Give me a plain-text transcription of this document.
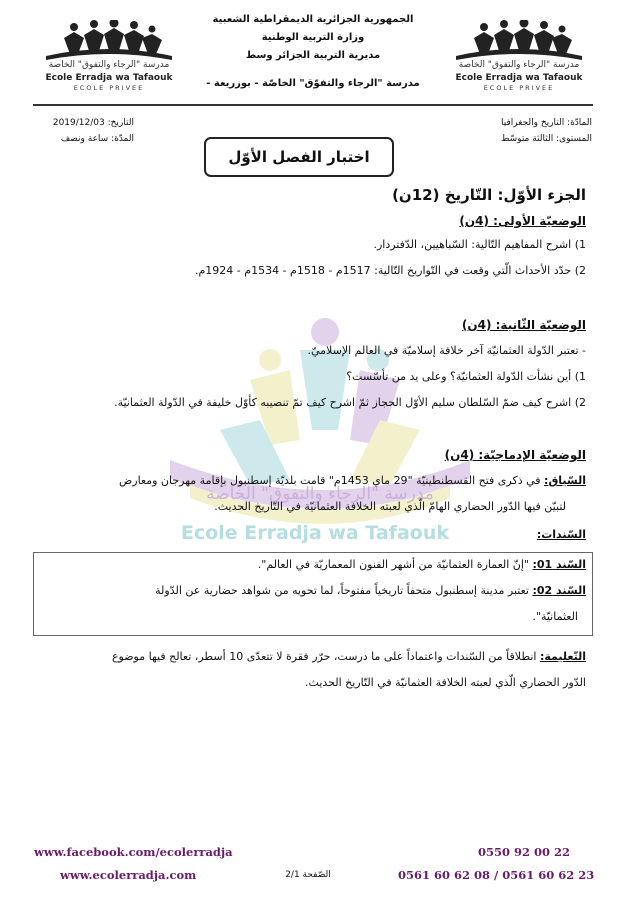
الجمهورية الجزائرية الديمقراطية الشعبية
وزارة التربية الوطنية
مديرية التربية الجزائر وسط
مدرسة "الرجاء والتفوّق" الخاصّة - بوزريعة -
مدرسة "الرجاء والتفوق" الخاصة
Ecole Erradja wa Tafaouk
ECOLE PRIVEE
مدرسة "الرجاء والتفوق" الخاصة
Ecole Erradja wa Tafaouk
ECOLE PRIVEE
المادّة: التاريخ والجغرافيا
المستوى: الثالثة متوسّط
التاريخ: 2019/12/03
المدّة: ساعة ونصف
اختبار الفصل الأوّل
مدرسة "الرجاء والتفوق" الخاصة
Ecole Erradja wa Tafaouk
الجزء الأوّل: التّاريخ (12ن)
الوضعيّة الأولى: (4ن)
1) اشرح المفاهيم التّالية: السّباهيين، الدّفتردار.
2) حدّد الأحداث الّتي وقعت في التّواريخ التّالية: 1517م - 1518م - 1534م - 1924م.
الوضعيّة الثّانية: (4ن)
- تعتبر الدّولة العثمانيّة آخر خلافة إسلاميّة في العالم الإسلاميّ.
1) أين نشأت الدّولة العثمانيّة؟ وعلى يد من تأسّست؟
2) اشرح كيف ضمّ السّلطان سليم الأوّل الحجاز ثمّ اشرح كيف تمّ تنصيبه كأوّل خليفة في الدّولة العثمانيّة.
الوضعيّة الإدماجيّة: (4ن)
السّياق: في ذكرى فتح القسطنطينيّة "29 ماي 1453م" قامت بلديّة إسطنبول بإقامة مهرجان ومعارض
لتبيّن فيها الدّور الحضاري الهامّ الّذي لعبته الخلافة العثمانيّة في التّاريخ الحديث.
السّندات:
السّند 01: "إنّ العمارة العثمانيّة من أشهر الفنون المعماريّة في العالم".
السّند 02: تعتبر مدينة إسطنبول متحفاً تاريخياً مفتوحاً، لما تحويه من شواهد حضارية عن الدّولة
العثمانيّة".
التّعليمة: انطلاقاً من السّندات واعتماداً على ما درست، حرّر فقرة لا تتعدّى 10 أسطر، تعالج فيها موضوع
الدّور الحضاري الّذي لعبته الخلافة العثمانيّة في التّاريخ الحديث.
www.facebook.com/ecolerradja
www.ecolerradja.com	الصّفحة 2/1
0550 92 00 22
0561 60 62 08 / 0561 60 62 23
